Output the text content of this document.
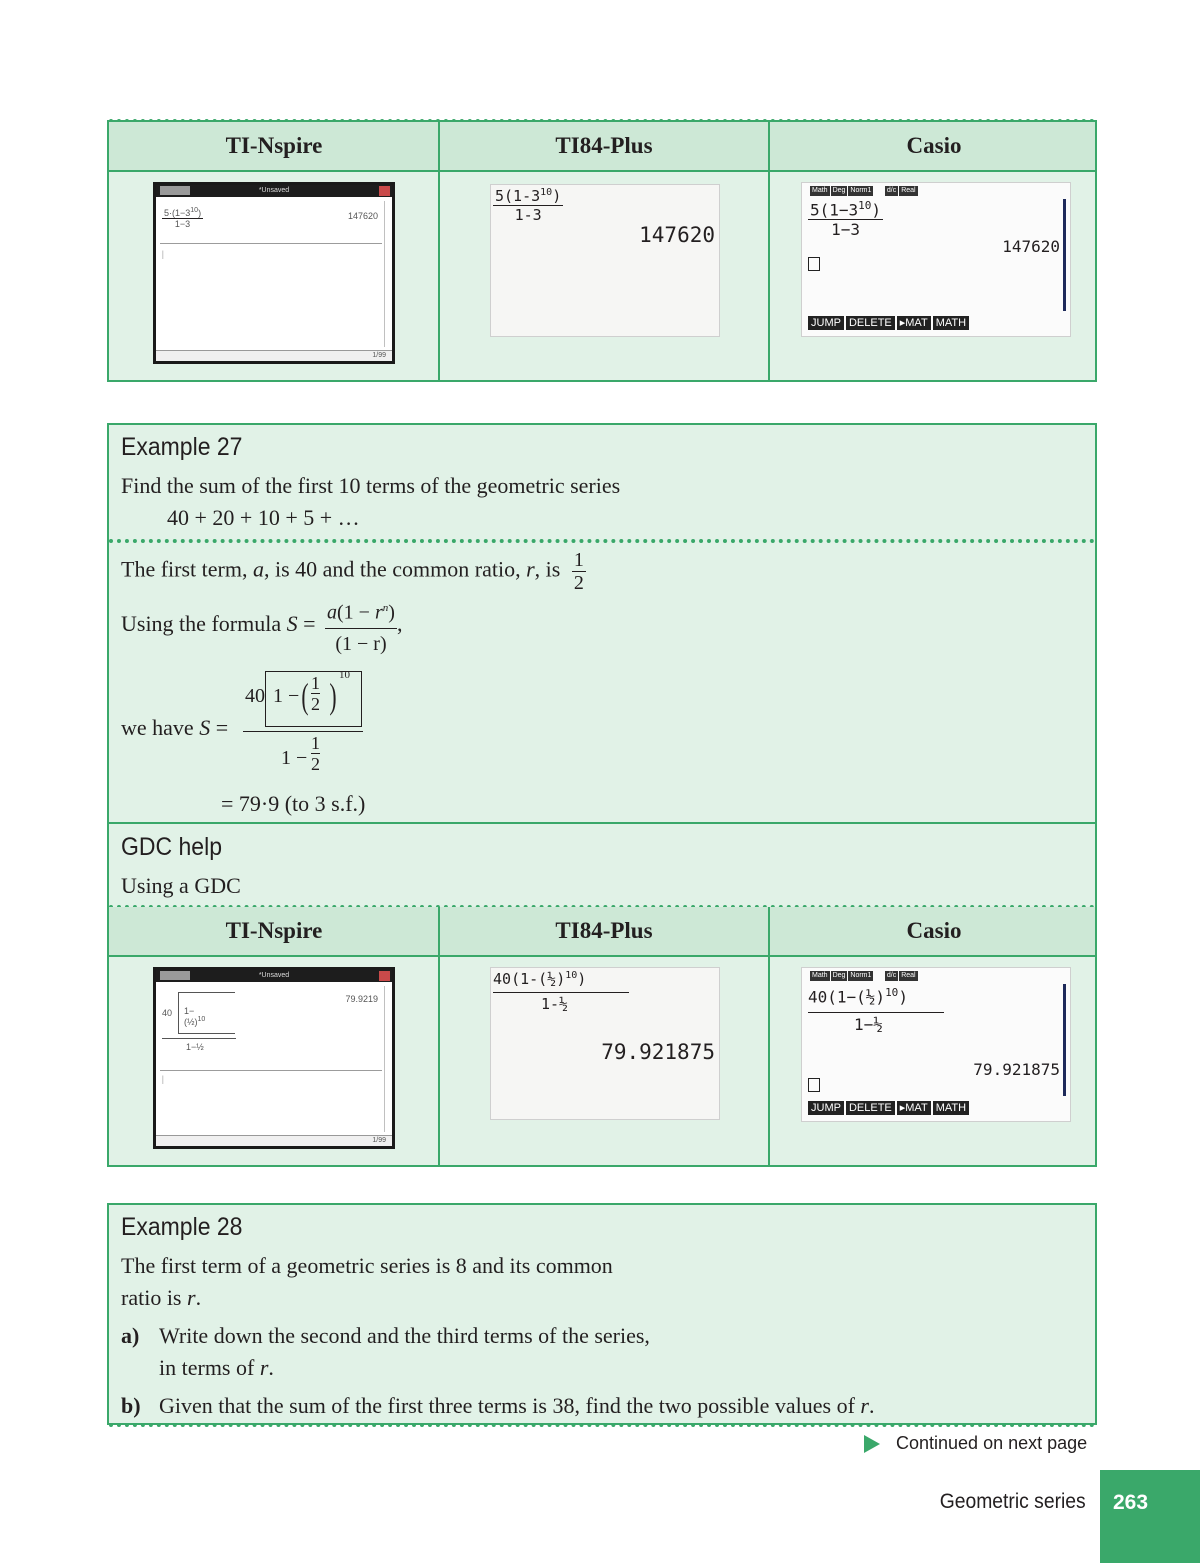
TI-Nspire	TI84-Plus	Casio
*Unsaved
$\frac{5\cdot(1-3^{10})}{1-3}$	147620
|
1/99
$\frac{5(1-3^{10})}{1-3}$
147620
Math Deg Norm1 d/c Real
$\frac{5(1-3^{10})}{1-3}$
147620
JUMP DELETE ▸MAT MATH
Example 27
Find the sum of the first 10 terms of the geometric series
40 + 20 + 10 + 5 + …
The first term, a, is 40 and the common ratio, r, is $\frac{1}{2}$
Using the formula $S = \frac{a(1 - r^n)}{(1 - r)}$ ,
we have S =
40 1 − ( 1
2 )
10
1 −
1
2
= 79·9 (to 3 s.f.)
GDC help
Using a GDC
TI-Nspire	TI84-Plus	Casio
*Unsaved
40 1−(½)$^{10}$
1−½
79.9219
|
1/99
40(1-(½)$^{10}$)
1-½
79.921875
Math Deg Norm1 d/c Real
40(1−(½)$^{10}$)
1−½
79.921875
JUMP DELETE ▸MAT MATH
Example 28
The first term of a geometric series is 8 and its common
ratio is r.
a) Write down the second and the third terms of the series,
in terms of r.
b) Given that the sum of the first three terms is 38, find the two possible values of r.
Continued on next page
Geometric series 263
